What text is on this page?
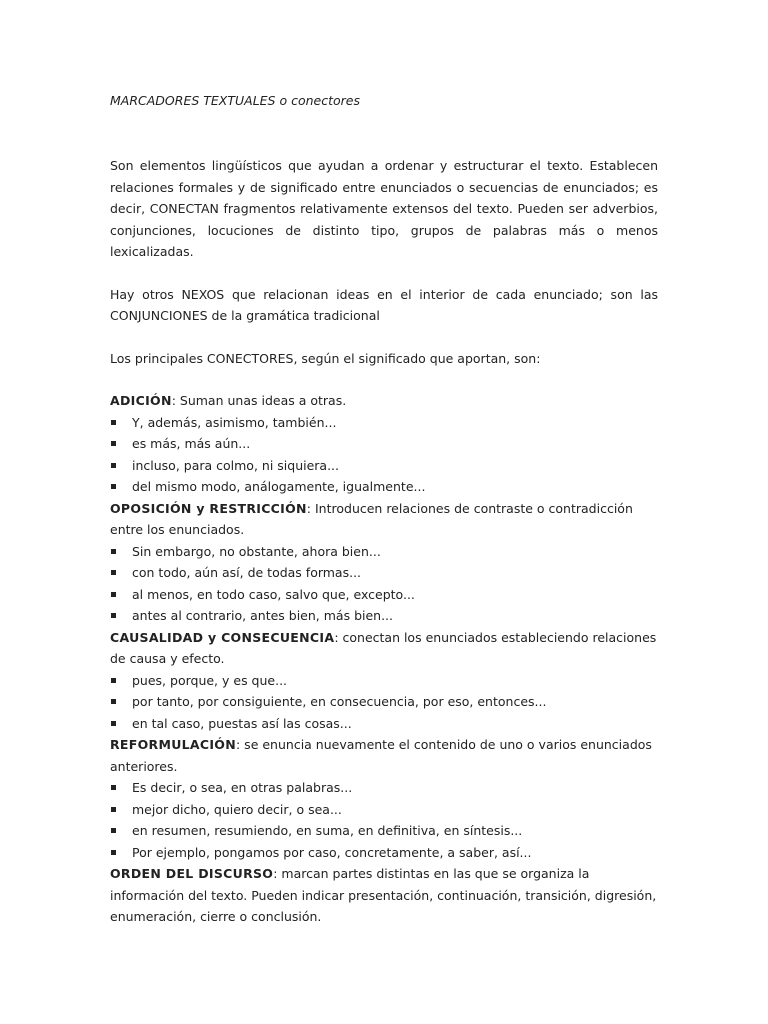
MARCADORES TEXTUALES o conectores

Son elementos lingüísticos que ayudan a ordenar y estructurar el texto. Establecen relaciones formales y de significado entre enunciados o secuencias de enunciados; es decir, CONECTAN fragmentos relativamente extensos del texto. Pueden ser adverbios, conjunciones, locuciones de distinto tipo, grupos de palabras más o menos lexicalizadas.

Hay otros NEXOS que relacionan ideas en el interior de cada enunciado; son las CONJUNCIONES de la gramática tradicional

Los principales CONECTORES, según el significado que aportan, son:

ADICIÓN: Suman unas ideas a otras.

Y, además, asimismo, también...
es más, más aún...
incluso, para colmo, ni siquiera...
del mismo modo, análogamente, igualmente...

OPOSICIÓN y RESTRICCIÓN: Introducen relaciones de contraste o contradicción entre los enunciados.

Sin embargo, no obstante, ahora bien...
con todo, aún así, de todas formas...
al menos, en todo caso, salvo que, excepto...
antes al contrario, antes bien, más bien...

CAUSALIDAD y CONSECUENCIA: conectan los enunciados estableciendo relaciones de causa y efecto.

pues, porque, y es que...
por tanto, por consiguiente, en consecuencia, por eso, entonces...
en tal caso, puestas así las cosas...

REFORMULACIÓN: se enuncia nuevamente el contenido de uno o varios enunciados anteriores.

Es decir, o sea, en otras palabras...
mejor dicho, quiero decir, o sea...
en resumen, resumiendo, en suma, en definitiva, en síntesis...
Por ejemplo, pongamos por caso, concretamente, a saber, así...

ORDEN DEL DISCURSO: marcan partes distintas en las que se organiza la información del texto. Pueden indicar presentación, continuación, transición, digresión, enumeración, cierre o conclusión.
